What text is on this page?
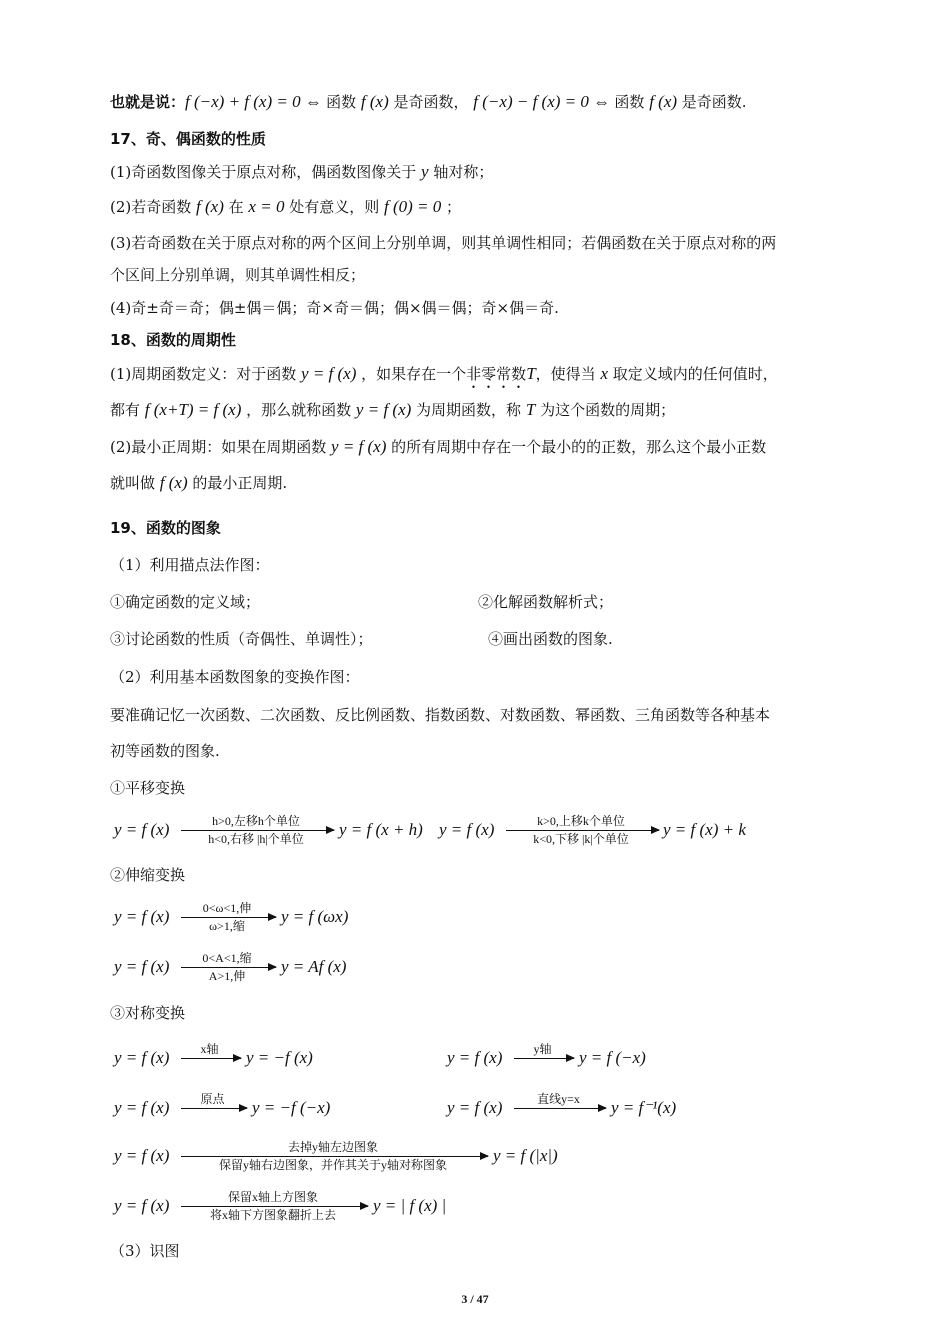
也就是说：f (−x) + f (x) = 0 ⇔ 函数 f (x) 是奇函数， f (−x) − f (x) = 0 ⇔ 函数 f (x) 是奇函数.
17、奇、偶函数的性质
(1)奇函数图像关于原点对称，偶函数图像关于 y 轴对称；
(2)若奇函数 f (x) 在 x = 0 处有意义，则 f (0) = 0 ；
(3)若奇函数在关于原点对称的两个区间上分别单调，则其单调性相同；若偶函数在关于原点对称的两
个区间上分别单调，则其单调性相反；
(4)奇±奇＝奇；偶±偶＝偶；奇×奇＝偶；偶×偶＝偶；奇×偶＝奇.
18、函数的周期性
(1)周期函数定义：对于函数 y = f (x) ，如果存在一个非零常数T，使得当 x 取定义域内的任何值时，
都有 f (x+T) = f (x) ，那么就称函数 y = f (x) 为周期函数，称 T 为这个函数的周期；
(2)最小正周期：如果在周期函数 y = f (x) 的所有周期中存在一个最小的的正数，那么这个最小正数
就叫做 f (x) 的最小正周期.
19、函数的图象
（1）利用描点法作图：
①确定函数的定义域；	②化解函数解析式；
③讨论函数的性质（奇偶性、单调性）；	④画出函数的图象.
（2）利用基本函数图象的变换作图：
要准确记忆一次函数、二次函数、反比例函数、指数函数、对数函数、幂函数、三角函数等各种基本
初等函数的图象.
①平移变换
y = f (x)	h>0,左移h个单位
h<0,右移 |h|个单位	y = f (x + h) y = f (x)	k>0,上移k个单位
k<0,下移 |k|个单位	y = f (x) + k
②伸缩变换
y = f (x)	0<ω<1,伸
ω>1,缩	y = f (ωx)
y = f (x)	0<A<1,缩
A>1,伸	y = Af (x)
③对称变换
y = f (x)	x轴	y = −f (x)	y = f (x)	y轴	y = f (−x)
y = f (x)	原点	y = −f (−x)	y = f (x)	直线y=x	y = f⁻¹(x)
y = f (x)	去掉y轴左边图象
保留y轴右边图象，并作其关于y轴对称图象	y = f (|x|)
y = f (x)	保留x轴上方图象
将x轴下方图象翻折上去	y = | f (x) |
（3）识图
3 / 47
